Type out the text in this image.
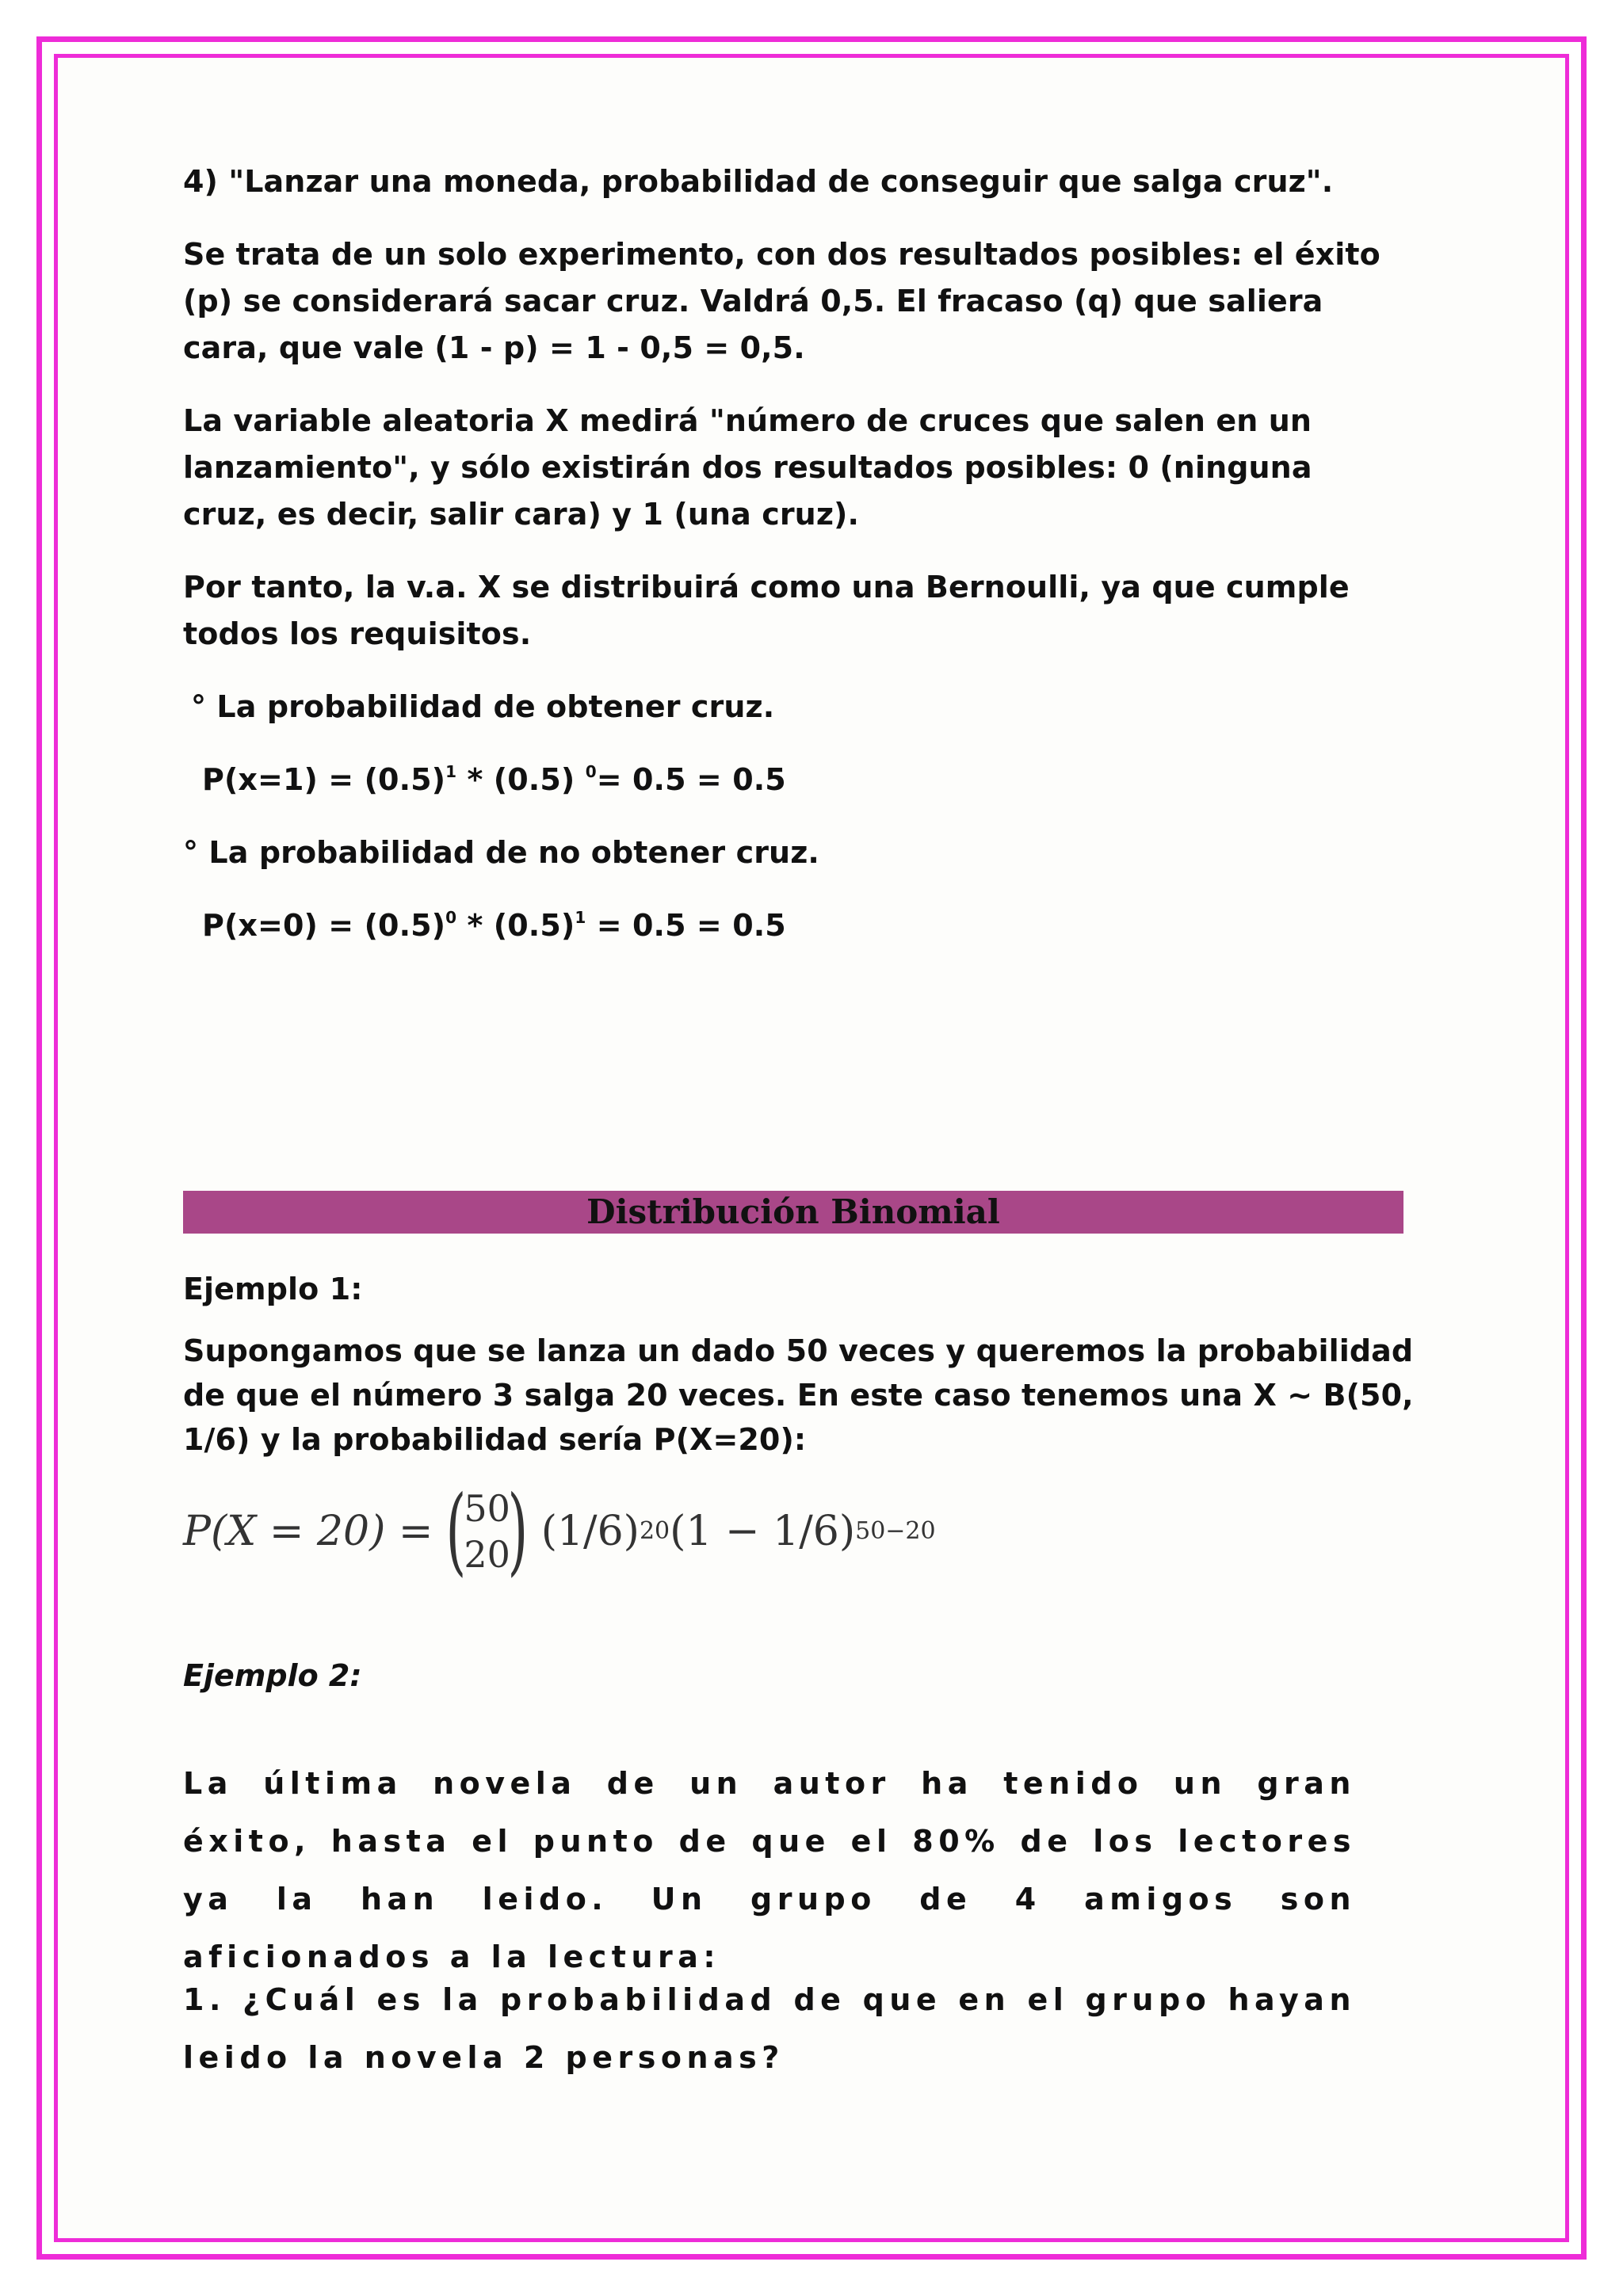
4) "Lanzar una moneda, probabilidad de conseguir que salga cruz".

Se trata de un solo experimento, con dos resultados posibles: el éxito (p) se considerará sacar cruz. Valdrá 0,5. El fracaso (q) que saliera cara, que vale (1 - p) = 1 - 0,5 = 0,5.

La variable aleatoria X medirá "número de cruces que salen en un lanzamiento", y sólo existirán dos resultados posibles: 0 (ninguna cruz, es decir, salir cara) y 1 (una cruz).

Por tanto, la v.a. X se distribuirá como una Bernoulli, ya que cumple todos los requisitos.

° La probabilidad de obtener cruz.

$P(x=1) = (0.5)^1 * (0.5)$ $^0$= 0.5 = 0.5

° La probabilidad de no obtener cruz.

$P(x=0) = (0.5)^0 * (0.5)^1 = 0.5 = 0.5$

Distribución Binomial

Ejemplo 1:

Supongamos que se lanza un dado 50 veces y queremos la probabilidad de que el número 3 salga 20 veces. En este caso tenemos una X ~ B(50, 1/6) y la probabilidad sería P(X=20):

P(X = 20) = (
50
20
) (1/6) 20 (1 − 1/6) 50−20
Ejemplo 2:
La última novela de un autor ha tenido un gran éxito, hasta el punto de que el 80% de los lectores ya la han leido. Un grupo de 4 amigos son aficionados a la lectura:
1. ¿Cuál es la probabilidad de que en el grupo hayan leido la novela 2 personas?
